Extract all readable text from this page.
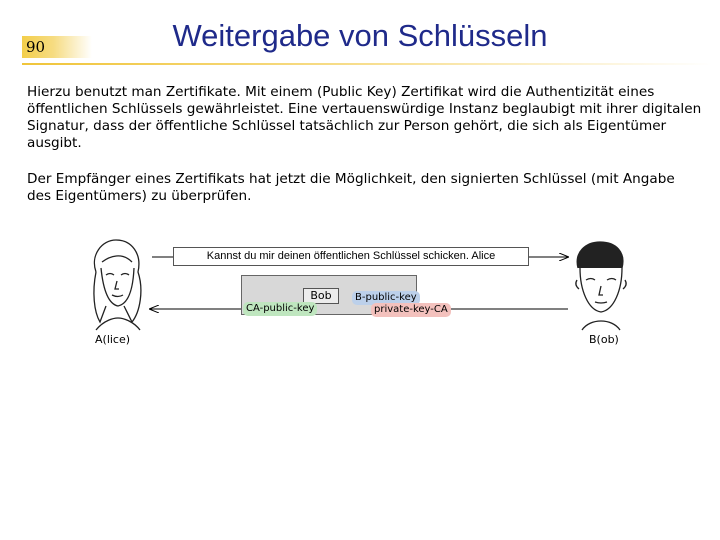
90	Weitergabe von Schlüsseln

Hierzu benutzt man Zertifikate. Mit einem (Public Key) Zertifikat wird die Authentizität eines öffentlichen Schlüssels gewährleistet. Eine vertauenswürdige Instanz beglaubigt mit ihrer digitalen Signatur, dass der öffentliche Schlüssel tatsächlich zur Person gehört, die sich als Eigentümer ausgibt.

Der Empfänger eines Zertifikats hat jetzt die Möglichkeit, den signierten Schlüssel (mit Angabe des Eigentümers) zu überprüfen.

A(lice)	B(ob)
Kannst du mir deinen öffentlichen Schlüssel schicken. Alice
Bob
CA-public-key
B-public-key
private-key-CA
